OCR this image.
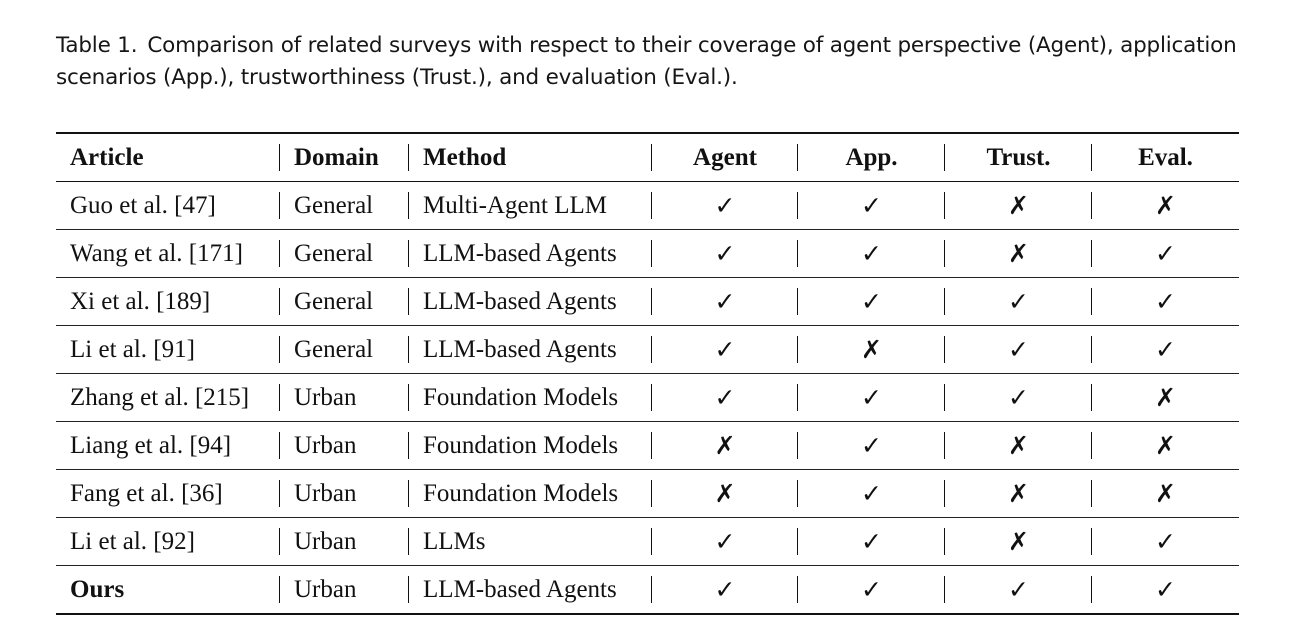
Table 1. Comparison of related surveys with respect to their coverage of agent perspective (Agent), application scenarios (App.), trustworthiness (Trust.), and evaluation (Eval.).
Article	Domain	Method	Agent	App.	Trust.	Eval.
Guo et al. [47]	General	Multi-Agent LLM	✓	✓	✗	✗
Wang et al. [171]	General	LLM-based Agents	✓	✓	✗	✓
Xi et al. [189]	General	LLM-based Agents	✓	✓	✓	✓
Li et al. [91]	General	LLM-based Agents	✓	✗	✓	✓
Zhang et al. [215]	Urban	Foundation Models	✓	✓	✓	✗
Liang et al. [94]	Urban	Foundation Models	✗	✓	✗	✗
Fang et al. [36]	Urban	Foundation Models	✗	✓	✗	✗
Li et al. [92]	Urban	LLMs	✓	✓	✗	✓
Ours	Urban	LLM-based Agents	✓	✓	✓	✓
